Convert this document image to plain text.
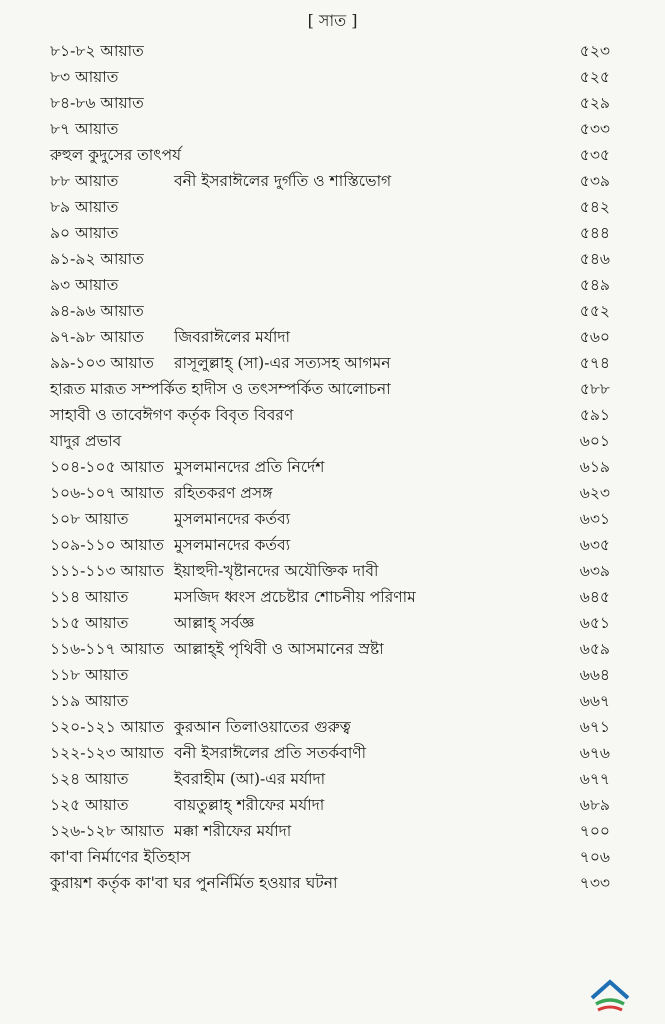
[ সাত ]
৮১-৮২ আয়াত	৫২৩
৮৩ আয়াত	৫২৫
৮৪-৮৬ আয়াত	৫২৯
৮৭ আয়াত	৫৩৩
রুহুল কুদুসের তাৎপর্য	৫৩৫
৮৮ আয়াত	বনী ইসরাঈলের দুর্গতি ও শাস্তিভোগ	৫৩৯
৮৯ আয়াত	৫৪২
৯০ আয়াত	৫৪৪
৯১-৯২ আয়াত	৫৪৬
৯৩ আয়াত	৫৪৯
৯৪-৯৬ আয়াত	৫৫২
৯৭-৯৮ আয়াত জিবরাঈলের মর্যাদা	৫৬০
৯৯-১০৩ আয়াত রাসূলুল্লাহ্ (সা)-এর সত্যসহ আগমন	৫৭৪
হারূত মারূত সম্পর্কিত হাদীস ও তৎসম্পর্কিত আলোচনা	৫৮৮
সাহাবী ও তাবেঈগণ কর্তৃক বিবৃত বিবরণ	৫৯১
যাদুর প্রভাব	৬০১
১০৪-১০৫ আয়াত মুসলমানদের প্রতি নির্দেশ	৬১৯
১০৬-১০৭ আয়াত রহিতকরণ প্রসঙ্গ	৬২৩
১০৮ আয়াত	মুসলমানদের কর্তব্য	৬৩১
১০৯-১১০ আয়াত মুসলমানদের কর্তব্য	৬৩৫
১১১-১১৩ আয়াত ইয়াহুদী-খৃষ্টানদের অযৌক্তিক দাবী	৬৩৯
১১৪ আয়াত	মসজিদ ধ্বংস প্রচেষ্টার শোচনীয় পরিণাম	৬৪৫
১১৫ আয়াত	আল্লাহ্ সর্বজ্ঞ	৬৫১
১১৬-১১৭ আয়াত আল্লাহ্ই পৃথিবী ও আসমানের স্রষ্টা	৬৫৯
১১৮ আয়াত	৬৬৪
১১৯ আয়াত	৬৬৭
১২০-১২১ আয়াত কুরআন তিলাওয়াতের গুরুত্ব	৬৭১
১২২-১২৩ আয়াত বনী ইসরাঈলের প্রতি সতর্কবাণী	৬৭৬
১২৪ আয়াত	ইবরাহীম (আ)-এর মর্যাদা	৬৭৭
১২৫ আয়াত	বায়তুল্লাহ্ শরীফের মর্যাদা	৬৮৯
১২৬-১২৮ আয়াত মক্কা শরীফের মর্যাদা	৭০০
কা'বা নির্মাণের ইতিহাস	৭০৬
কুরায়শ কর্তৃক কা'বা ঘর পুনর্নির্মিত হওয়ার ঘটনা	৭৩৩
